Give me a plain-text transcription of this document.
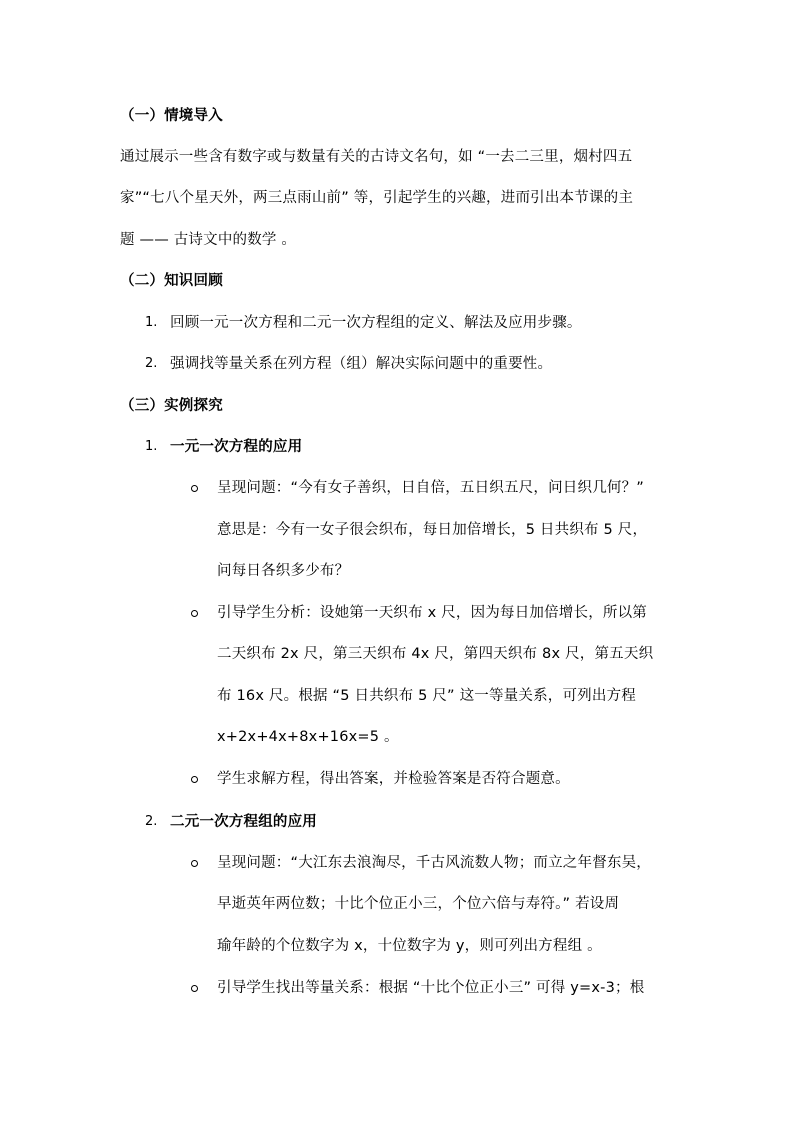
（一）情境导入
通过展示一些含有数字或与数量有关的古诗文名句，如 “一去二三里，烟村四五
家”“七八个星天外，两三点雨山前” 等，引起学生的兴趣，进而引出本节课的主
题 —— 古诗文中的数学 。
（二）知识回顾
1. 回顾一元一次方程和二元一次方程组的定义、解法及应用步骤。
2. 强调找等量关系在列方程（组）解决实际问题中的重要性。
（三）实例探究
1. 一元一次方程的应用
呈现问题：“今有女子善织，日自倍，五日织五尺，问日织几何？”
意思是：今有一女子很会织布，每日加倍增长，5 日共织布 5 尺，
问每日各织多少布？
引导学生分析：设她第一天织布 x 尺，因为每日加倍增长，所以第
二天织布 2x 尺，第三天织布 4x 尺，第四天织布 8x 尺，第五天织
布 16x 尺。根据 “5 日共织布 5 尺” 这一等量关系，可列出方程
x+2x+4x+8x+16x=5 。
学生求解方程，得出答案，并检验答案是否符合题意。
2. 二元一次方程组的应用
呈现问题：“大江东去浪淘尽，千古风流数人物；而立之年督东吴，
早逝英年两位数；十比个位正小三，个位六倍与寿符。” 若设周
瑜年龄的个位数字为 x，十位数字为 y，则可列出方程组 。
引导学生找出等量关系：根据 “十比个位正小三” 可得 y=x-3；根
